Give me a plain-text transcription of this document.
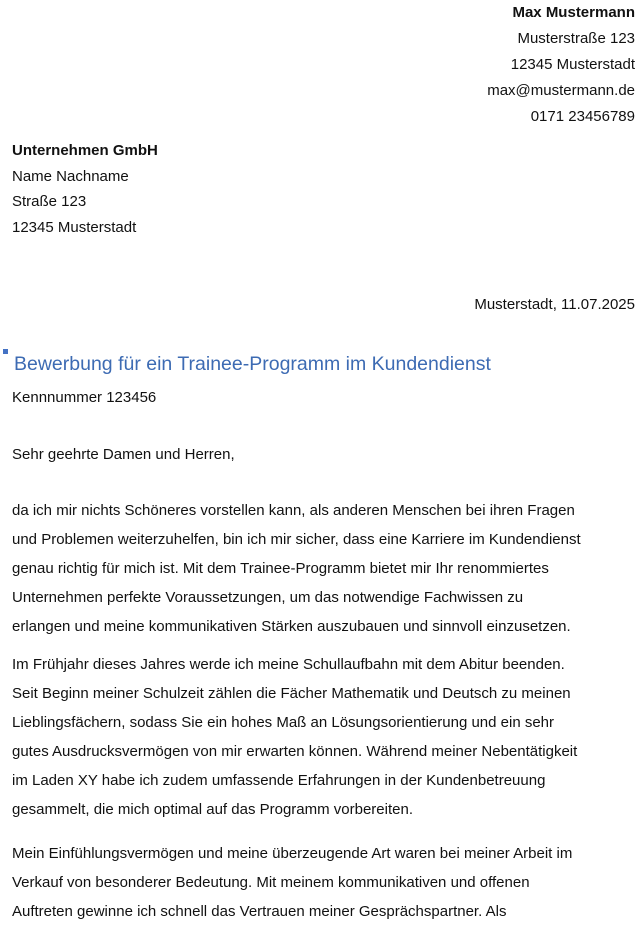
Max Mustermann
Musterstraße 123
12345 Musterstadt
max@mustermann.de
0171 23456789
Unternehmen GmbH
Name Nachname
Straße 123
12345 Musterstadt
Musterstadt, 11.07.2025
Bewerbung für ein Trainee-Programm im Kundendienst
Kennnummer 123456
Sehr geehrte Damen und Herren,
da ich mir nichts Schöneres vorstellen kann, als anderen Menschen bei ihren Fragen
und Problemen weiterzuhelfen, bin ich mir sicher, dass eine Karriere im Kundendienst
genau richtig für mich ist. Mit dem Trainee-Programm bietet mir Ihr renommiertes
Unternehmen perfekte Voraussetzungen, um das notwendige Fachwissen zu
erlangen und meine kommunikativen Stärken auszubauen und sinnvoll einzusetzen.
Im Frühjahr dieses Jahres werde ich meine Schullaufbahn mit dem Abitur beenden.
Seit Beginn meiner Schulzeit zählen die Fächer Mathematik und Deutsch zu meinen
Lieblingsfächern, sodass Sie ein hohes Maß an Lösungsorientierung und ein sehr
gutes Ausdrucksvermögen von mir erwarten können. Während meiner Nebentätigkeit
im Laden XY habe ich zudem umfassende Erfahrungen in der Kundenbetreuung
gesammelt, die mich optimal auf das Programm vorbereiten.
Mein Einfühlungsvermögen und meine überzeugende Art waren bei meiner Arbeit im
Verkauf von besonderer Bedeutung. Mit meinem kommunikativen und offenen
Auftreten gewinne ich schnell das Vertrauen meiner Gesprächspartner. Als
